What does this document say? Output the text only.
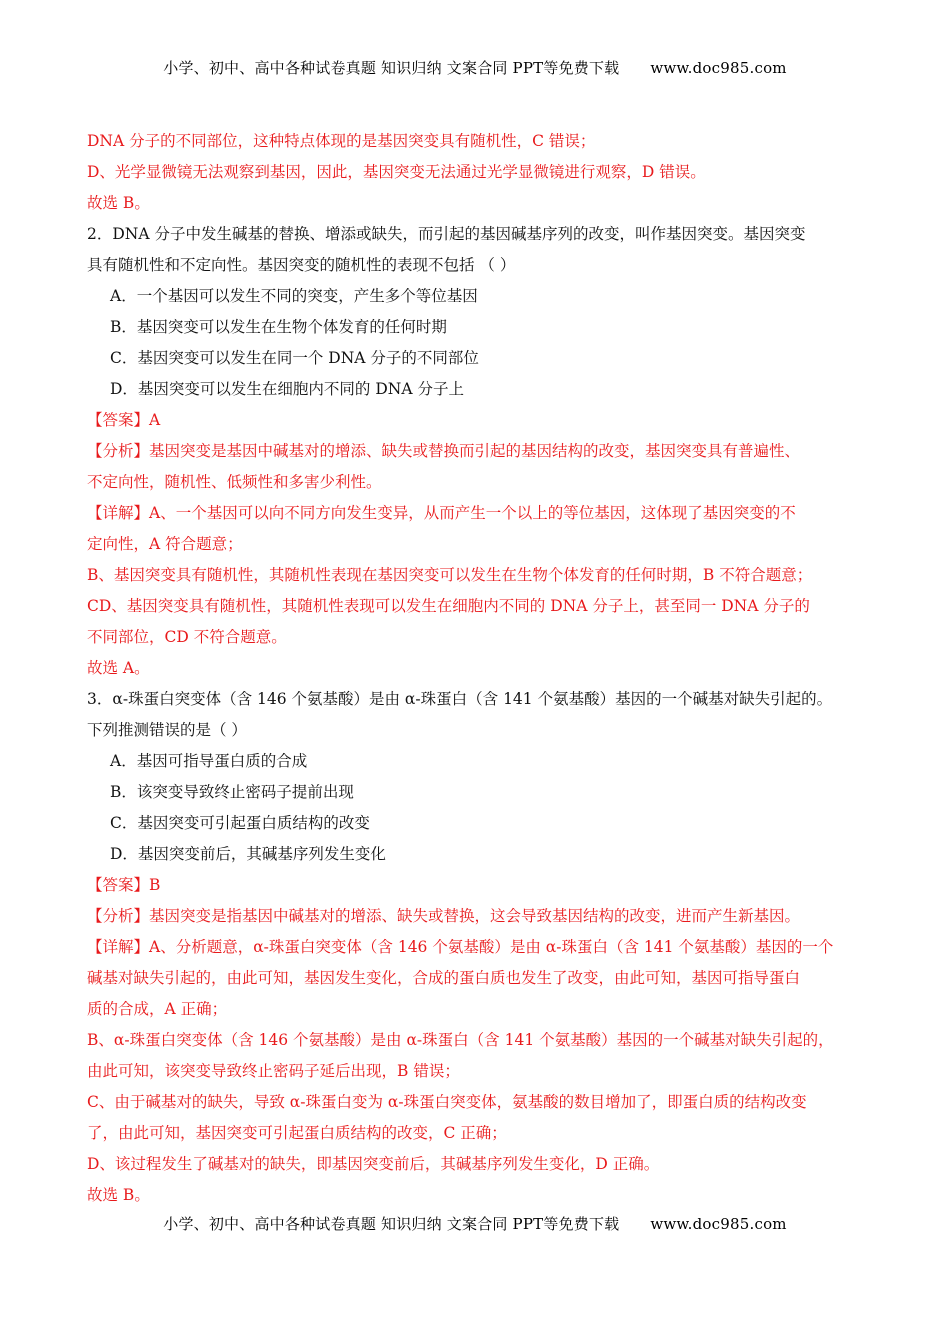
小学、初中、高中各种试卷真题 知识归纳 文案合同 PPT等免费下载 www.doc985.com
DNA 分子的不同部位，这种特点体现的是基因突变具有随机性，C 错误；
D、光学显微镜无法观察到基因，因此，基因突变无法通过光学显微镜进行观察，D 错误。
故选 B。
2．DNA 分子中发生碱基的替换、增添或缺失，而引起的基因碱基序列的改变，叫作基因突变。基因突变
具有随机性和不定向性。基因突变的随机性的表现不包括 （ ）
A．一个基因可以发生不同的突变，产生多个等位基因
B．基因突变可以发生在生物个体发育的任何时期
C．基因突变可以发生在同一个 DNA 分子的不同部位
D．基因突变可以发生在细胞内不同的 DNA 分子上
【答案】A
【分析】基因突变是基因中碱基对的增添、缺失或替换而引起的基因结构的改变，基因突变具有普遍性、
不定向性，随机性、低频性和多害少利性。
【详解】A、一个基因可以向不同方向发生变异，从而产生一个以上的等位基因，这体现了基因突变的不
定向性，A 符合题意；
B、基因突变具有随机性，其随机性表现在基因突变可以发生在生物个体发育的任何时期，B 不符合题意；
CD、基因突变具有随机性，其随机性表现可以发生在细胞内不同的 DNA 分子上，甚至同一 DNA 分子的
不同部位，CD 不符合题意。
故选 A。
3．α-珠蛋白突变体（含 146 个氨基酸）是由 α-珠蛋白（含 141 个氨基酸）基因的一个碱基对缺失引起的。
下列推测错误的是（ ）
A．基因可指导蛋白质的合成
B．该突变导致终止密码子提前出现
C．基因突变可引起蛋白质结构的改变
D．基因突变前后，其碱基序列发生变化
【答案】B
【分析】基因突变是指基因中碱基对的增添、缺失或替换，这会导致基因结构的改变，进而产生新基因。
【详解】A、分析题意，α-珠蛋白突变体（含 146 个氨基酸）是由 α-珠蛋白（含 141 个氨基酸）基因的一个
碱基对缺失引起的，由此可知，基因发生变化，合成的蛋白质也发生了改变，由此可知，基因可指导蛋白
质的合成，A 正确；
B、α-珠蛋白突变体（含 146 个氨基酸）是由 α-珠蛋白（含 141 个氨基酸）基因的一个碱基对缺失引起的，
由此可知，该突变导致终止密码子延后出现，B 错误；
C、由于碱基对的缺失，导致 α-珠蛋白变为 α-珠蛋白突变体，氨基酸的数目增加了，即蛋白质的结构改变
了，由此可知，基因突变可引起蛋白质结构的改变，C 正确；
D、该过程发生了碱基对的缺失，即基因突变前后，其碱基序列发生变化，D 正确。
故选 B。
小学、初中、高中各种试卷真题 知识归纳 文案合同 PPT等免费下载 www.doc985.com
